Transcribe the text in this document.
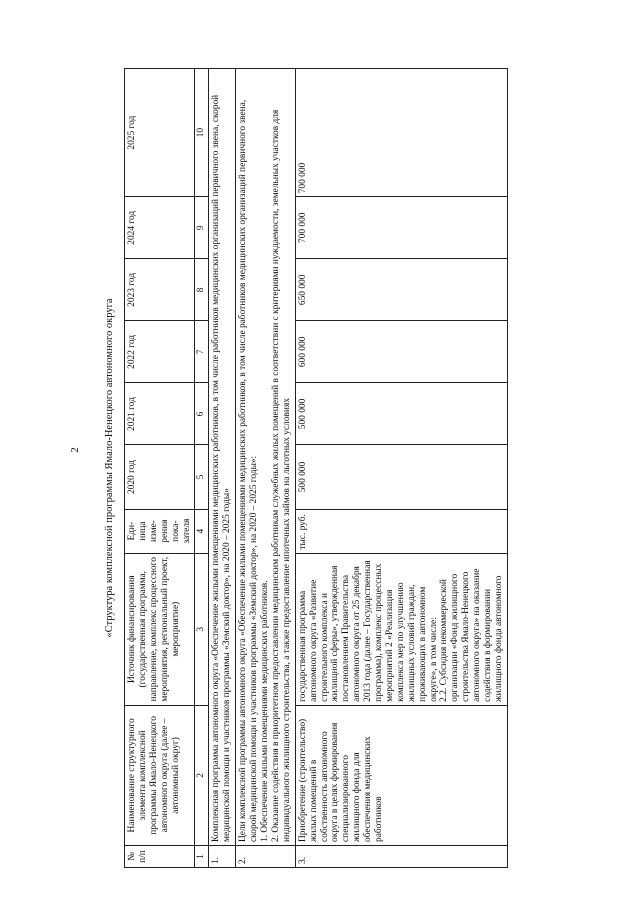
2 «Структура комплексной программы Ямало-Ненецкого автономного округа
№ п/п	Наименование структурного элемента комплексной программы Ямало-Ненецкого автономного округа (далее – автономный округ)	Источник финансирования (государственная программа, направление, комплекс процессного мероприятия, региональный проект, мероприятие)	Еди-ница изме-рения пока-зателя	2020 год	2021 год	2022 год	2023 год	2024 год	2025 год
1	2	3	4	5	6	7	8	9	10
1.	Комплексная программа автономного округа «Обеспечение жилыми помещениями медицинских работников, в том числе работников медицинских организаций первичного звена, скорой медицинской помощи и участников программы «Земский доктор», на 2020 – 2025 годы»								
2.	Цели комплексной программы автономного округа «Обеспечение жилыми помещениями медицинских работников, в том числе работников медицинских организаций первичного звена, скорой медицинской помощи и участников программы «Земский доктор», на 2020 – 2025 годы»:
1. Обеспечение жилыми помещениями медицинских работников.
2. Оказание содействия в приоритетном предоставлении медицинским работникам служебных жилых помещений в соответствии с критериями нуждаемости, земельных участков для индивидуального жилищного строительства, а также предоставление ипотечных займов на льготных условиях								
3.	Приобретение (строительство) жилых помещений в собственность автономного округа в целях формирования специализированного жилищного фонда для обеспечения медицинских работников	государственная программа автономного округа «Развитие строительного комплекса и жилищной сферы», утвержденная постановлением Правительства автономного округа от 25 декабря 2013 года (далее – Государственная программа), комплекс процессных мероприятий 2 «Реализация комплекса мер по улучшению жилищных условий граждан, проживающих в автономном округе», в том числе:
2.2. Субсидия некоммерческой организации «Фонд жилищного строительства Ямало-Ненецкого автономного округа» на оказание содействия в формировании жилищного фонда автономного	тыс. руб.	500 000	500 000	600 000	650 000	700 000	700 000
